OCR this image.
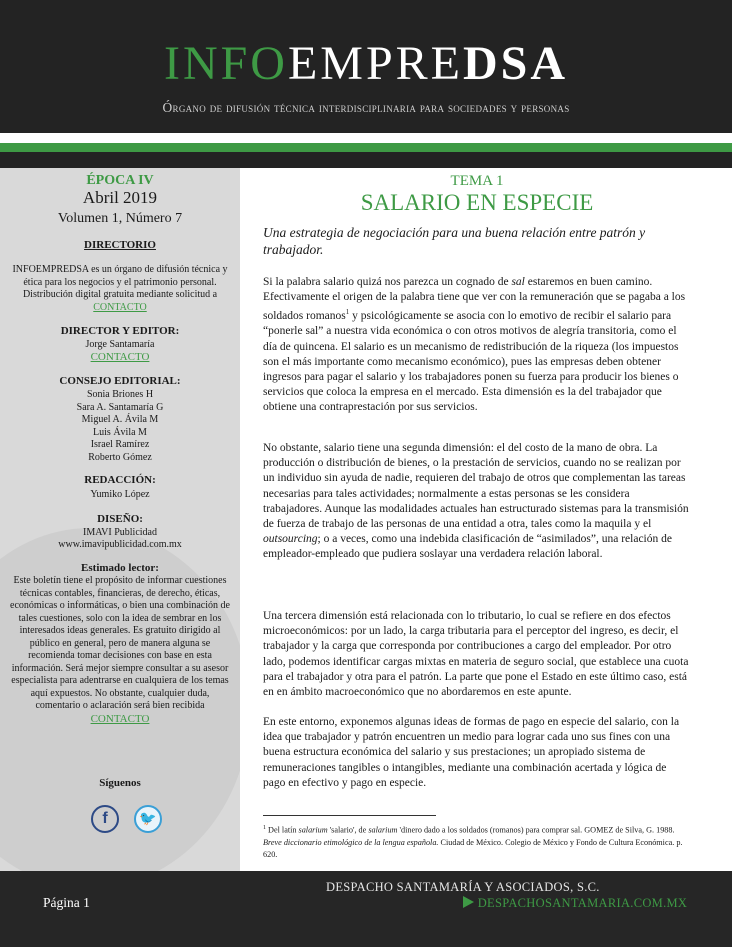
INFOEMPREDSA
Órgano de difusión técnica interdisciplinaria para sociedades y personas
ÉPOCA IV
Abril 2019
Volumen 1, Número 7
DIRECTORIO
INFOEMPREDSA es un órgano de difusión técnica y ética para los negocios y el patrimonio personal. Distribución digital gratuita mediante solicitud a CONTACTO
DIRECTOR Y EDITOR:
Jorge Santamaría
CONTACTO
CONSEJO EDITORIAL:
Sonia Briones H
Sara A. Santamaría G
Miguel A. Ávila M
Luis Ávila M
Israel Ramírez
Roberto Gómez
REDACCIÓN:
Yumiko López
DISEÑO:
IMAVI Publicidad
www.imavipublicidad.com.mx
Estimado lector:
Este boletín tiene el propósito de informar cuestiones técnicas contables, financieras, de derecho, éticas, económicas o informáticas, o bien una combinación de tales cuestiones, solo con la idea de sembrar en los interesados ideas generales. Es gratuito dirigido al público en general, pero de manera alguna se recomienda tomar decisiones con base en esta información. Será mejor siempre consultar a su asesor especialista para adentrarse en cualquiera de los temas aquí expuestos. No obstante, cualquier duda, comentario o aclaración será bien recibida CONTACTO
Síguenos
f 🐦
TEMA 1
SALARIO EN ESPECIE
Una estrategia de negociación para una buena relación entre patrón y trabajador.

Si la palabra salario quizá nos parezca un cognado de sal estaremos en buen camino. Efectivamente el origen de la palabra tiene que ver con la remuneración que se pagaba a los soldados romanos$^1$ y psicológicamente se asocia con lo emotivo de recibir el salario para “ponerle sal” a nuestra vida económica o con otros motivos de alegría transitoria, como el día de quincena. El salario es un mecanismo de redistribución de la riqueza (los impuestos son el más importante como mecanismo económico), pues las empresas deben obtener ingresos para pagar el salario y los trabajadores ponen su fuerza para producir los bienes o servicios que coloca la empresa en el mercado. Esta dimensión es la del trabajador que obtiene una contraprestación por sus servicios.

No obstante, salario tiene una segunda dimensión: el del costo de la mano de obra. La producción o distribución de bienes, o la prestación de servicios, cuando no se realizan por un individuo sin ayuda de nadie, requieren del trabajo de otros que complementan las tareas necesarias para tales actividades; normalmente a estas personas se les considera trabajadores. Aunque las modalidades actuales han estructurado sistemas para la transmisión de fuerza de trabajo de las personas de una entidad a otra, tales como la maquila y el outsourcing; o a veces, como una indebida clasificación de “asimilados”, una relación de empleador-empleado que pudiera soslayar una verdadera relación laboral.

Una tercera dimensión está relacionada con lo tributario, lo cual se refiere en dos efectos microeconómicos: por un lado, la carga tributaria para el perceptor del ingreso, es decir, el trabajador y la carga que corresponda por contribuciones a cargo del empleador. Por otro lado, podemos identificar cargas mixtas en materia de seguro social, que establece una cuota para el trabajador y otra para el patrón. La parte que pone el Estado en este último caso, está en en ámbito macroeconómico que no abordaremos en este apunte.

En este entorno, exponemos algunas ideas de formas de pago en especie del salario, con la idea que trabajador y patrón encuentren un medio para lograr cada uno sus fines con una buena estructura económica del salario y sus prestaciones; un apropiado sistema de remuneraciones tangibles o intangibles, mediante una combinación acertada y lógica de pago en efectivo y pago en especie.

$^1$ Del latín salarium 'salario', de salarium 'dinero dado a los soldados (romanos) para comprar sal. GOMEZ de Silva, G. 1988. Breve diccionario etimológico de la lengua española. Ciudad de México. Colegio de México y Fondo de Cultura Económica. p. 620.

Página 1
DESPACHO SANTAMARÍA Y ASOCIADOS, S.C.
DESPACHOSANTAMARIA.COM.MX
